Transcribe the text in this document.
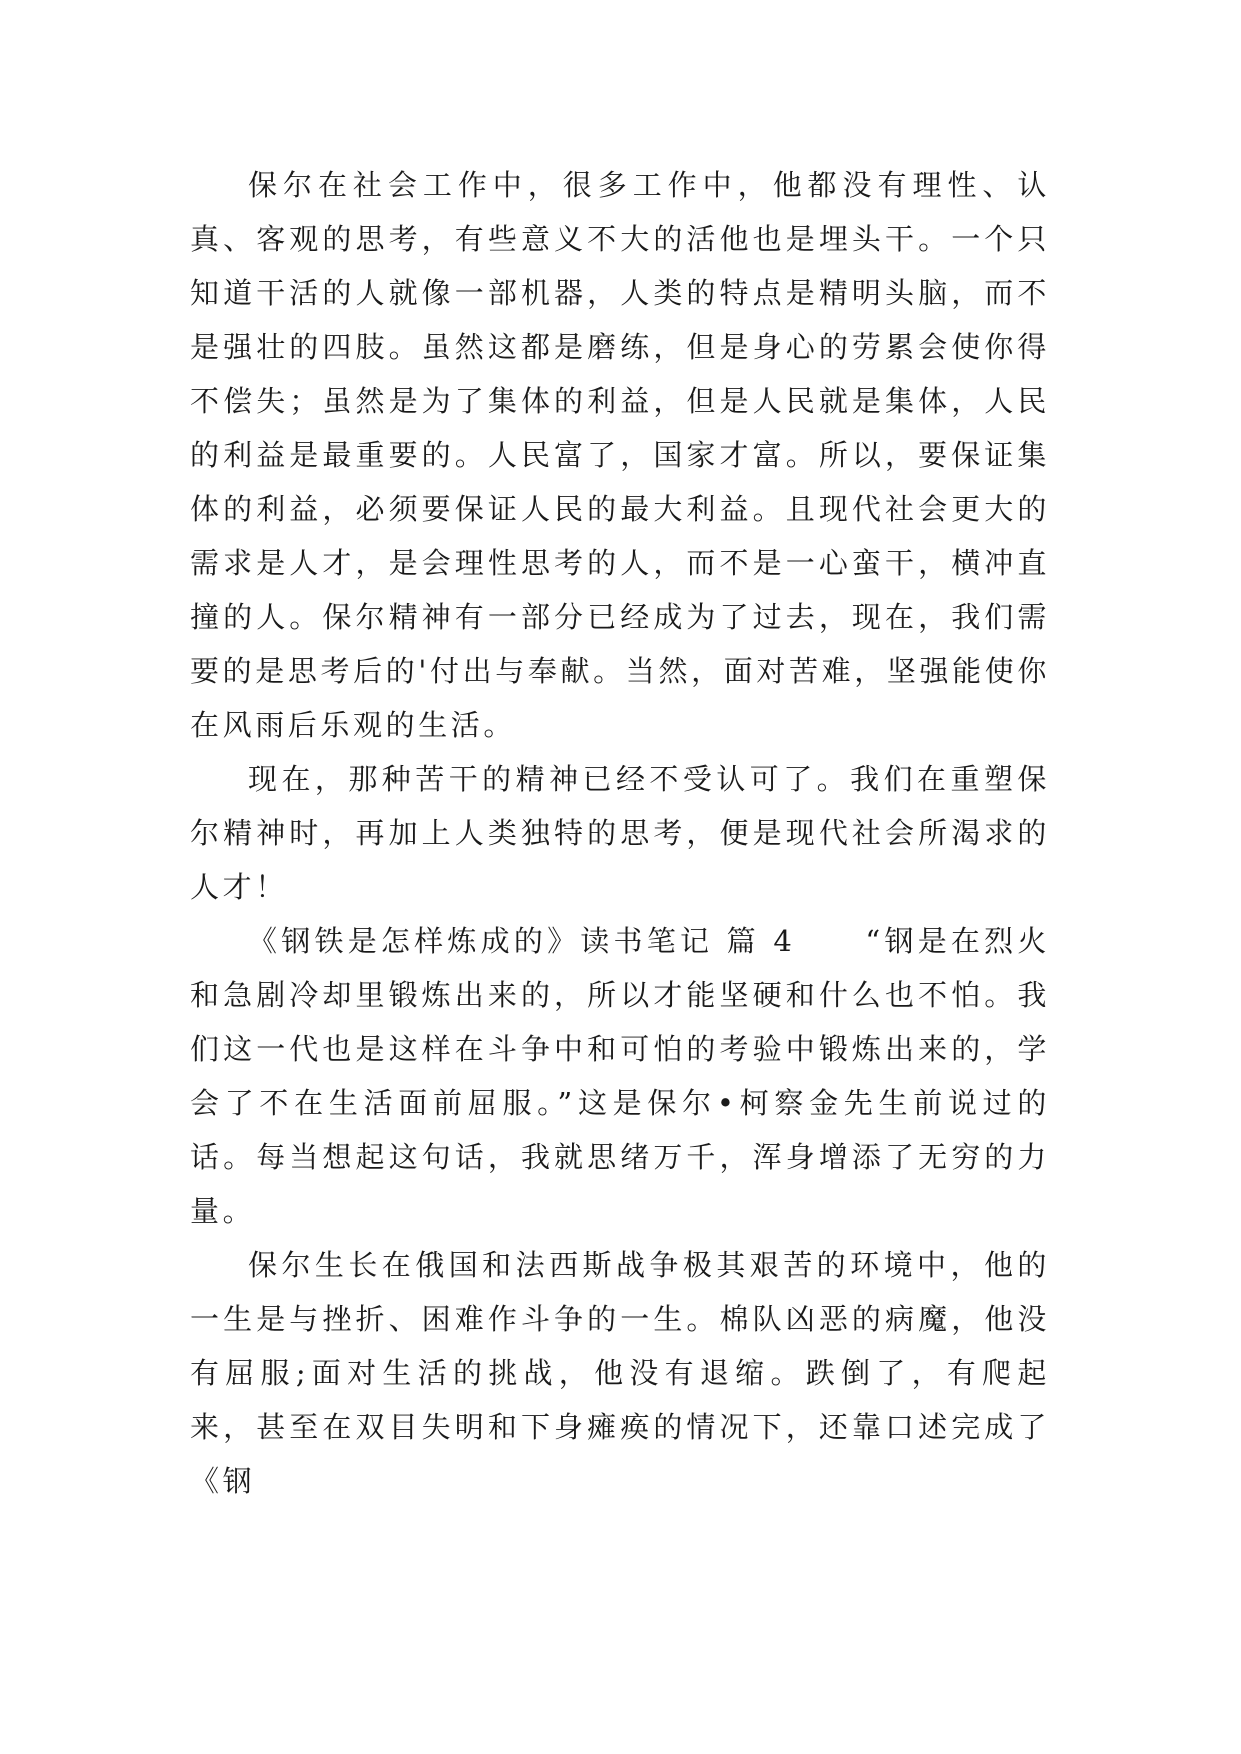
保尔在社会工作中，很多工作中，他都没有理性、认真、客观的思考，有些意义不大的活他也是埋头干。一个只知道干活的人就像一部机器，人类的特点是精明头脑，而不是强壮的四肢。虽然这都是磨练，但是身心的劳累会使你得不偿失；虽然是为了集体的利益，但是人民就是集体，人民的利益是最重要的。人民富了，国家才富。所以，要保证集体的利益，必须要保证人民的最大利益。且现代社会更大的需求是人才，是会理性思考的人，而不是一心蛮干，横冲直撞的人。保尔精神有一部分已经成为了过去，现在，我们需要的是思考后的'付出与奉献。当然，面对苦难，坚强能使你在风雨后乐观的生活。

现在，那种苦干的精神已经不受认可了。我们在重塑保尔精神时，再加上人类独特的思考，便是现代社会所渴求的人才！

《钢铁是怎样炼成的》读书笔记 篇 4 “钢是在烈火和急剧冷却里锻炼出来的，所以才能坚硬和什么也不怕。我们这一代也是这样在斗争中和可怕的考验中锻炼出来的，学会了不在生活面前屈服。”这是保尔•柯察金先生前说过的话。每当想起这句话，我就思绪万千，浑身增添了无穷的力量。

保尔生长在俄国和法西斯战争极其艰苦的环境中，他的一生是与挫折、困难作斗争的一生。棉队凶恶的病魔，他没有屈服;面对生活的挑战，他没有退缩。跌倒了，有爬起来，甚至在双目失明和下身瘫痪的情况下，还靠口述完成了《钢
